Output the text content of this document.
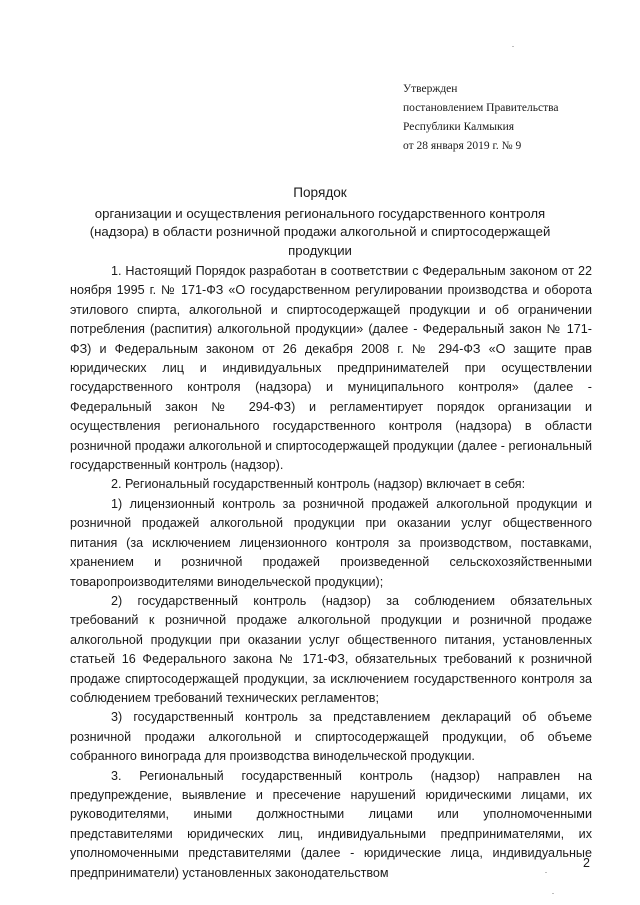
Утвержден
постановлением Правительства
Республики Калмыкия
от 28 января 2019 г. № 9
Порядок
организации и осуществления регионального государственного контроля
(надзора) в области розничной продажи алкогольной и спиртосодержащей
продукции

1. Настоящий Порядок разработан в соответствии с Федеральным законом от 22 ноября 1995 г. № 171-ФЗ «О государственном регулировании производства и оборота этилового спирта, алкогольной и спиртосодержащей продукции и об ограничении потребления (распития) алкогольной продукции» (далее - Федеральный закон № 171-ФЗ) и Федеральным законом от 26 декабря 2008 г. № 294-ФЗ «О защите прав юридических лиц и индивидуальных предпринимателей при осуществлении государственного контроля (надзора) и муниципального контроля» (далее - Федеральный закон № 294-ФЗ) и регламентирует порядок организации и осуществления регионального государственного контроля (надзора) в области розничной продажи алкогольной и спиртосодержащей продукции (далее - региональный государственный контроль (надзор).

2. Региональный государственный контроль (надзор) включает в себя:

1) лицензионный контроль за розничной продажей алкогольной продукции и розничной продажей алкогольной продукции при оказании услуг общественного питания (за исключением лицензионного контроля за производством, поставками, хранением и розничной продажей произведенной сельскохозяйственными товаропроизводителями винодельческой продукции);

2) государственный контроль (надзор) за соблюдением обязательных требований к розничной продаже алкогольной продукции и розничной продаже алкогольной продукции при оказании услуг общественного питания, установленных статьей 16 Федерального закона № 171-ФЗ, обязательных требований к розничной продаже спиртосодержащей продукции, за исключением государственного контроля за соблюдением требований технических регламентов;

3) государственный контроль за представлением деклараций об объеме розничной продажи алкогольной и спиртосодержащей продукции, об объеме собранного винограда для производства винодельческой продукции.

3. Региональный государственный контроль (надзор) направлен на предупреждение, выявление и пресечение нарушений юридическими лицами, их руководителями, иными должностными лицами или уполномоченными представителями юридических лиц, индивидуальными предпринимателями, их уполномоченными представителями (далее - юридические лица, индивидуальные предприниматели) установленных законодательством

2
